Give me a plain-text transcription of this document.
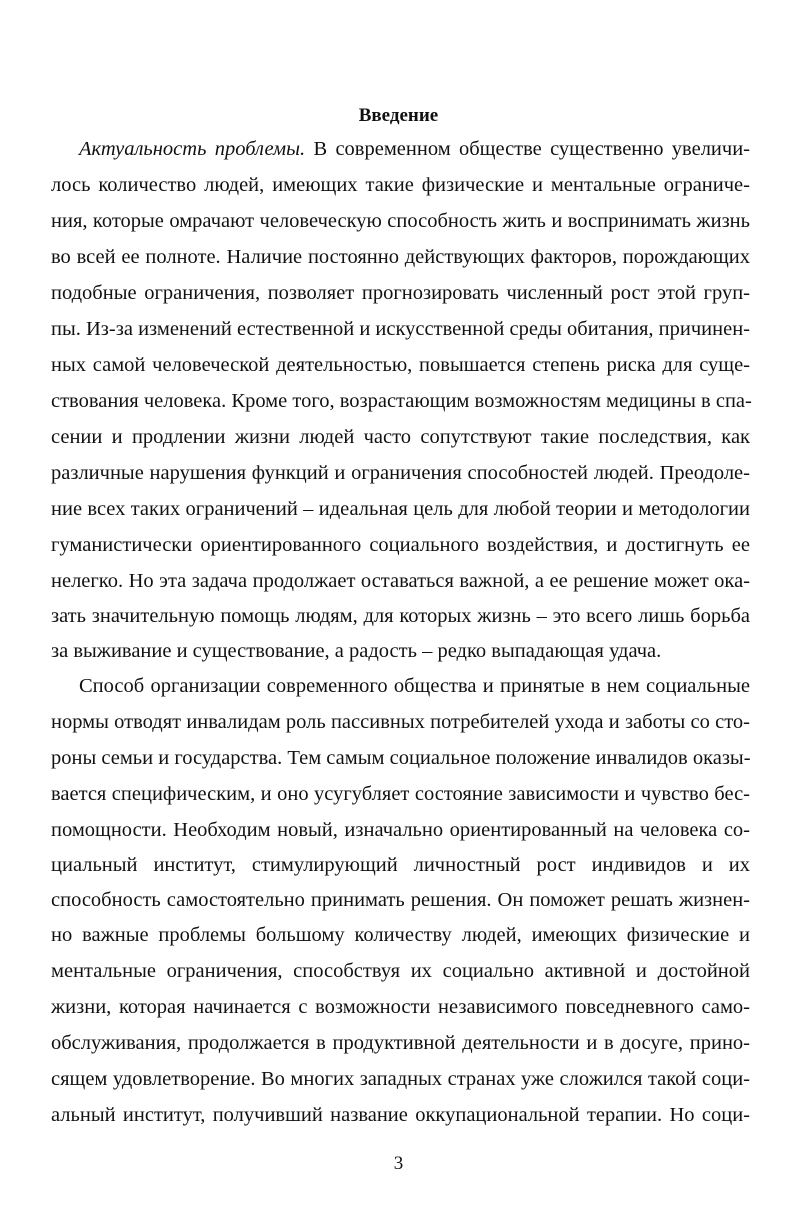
Введение

Актуальность проблемы. В современном обществе существенно увеличи-

лось количество людей, имеющих такие физические и ментальные ограниче-

ния, которые омрачают человеческую способность жить и воспринимать жизнь

во всей ее полноте. Наличие постоянно действующих факторов, порождающих

подобные ограничения, позволяет прогнозировать численный рост этой груп-

пы. Из-за изменений естественной и искусственной среды обитания, причинен-

ных самой человеческой деятельностью, повышается степень риска для суще-

ствования человека. Кроме того, возрастающим возможностям медицины в спа-

сении и продлении жизни людей часто сопутствуют такие последствия, как

различные нарушения функций и ограничения способностей людей. Преодоле-

ние всех таких ограничений – идеальная цель для любой теории и методологии

гуманистически ориентированного социального воздействия, и достигнуть ее

нелегко. Но эта задача продолжает оставаться важной, а ее решение может ока-

зать значительную помощь людям, для которых жизнь – это всего лишь борьба

за выживание и существование, а радость – редко выпадающая удача.

Способ организации современного общества и принятые в нем социальные

нормы отводят инвалидам роль пассивных потребителей ухода и заботы со сто-

роны семьи и государства. Тем самым социальное положение инвалидов оказы-

вается специфическим, и оно усугубляет состояние зависимости и чувство бес-

помощности. Необходим новый, изначально ориентированный на человека со-

циальный институт, стимулирующий личностный рост индивидов и их

способность самостоятельно принимать решения. Он поможет решать жизнен-

но важные проблемы большому количеству людей, имеющих физические и

ментальные ограничения, способствуя их социально активной и достойной

жизни, которая начинается с возможности независимого повседневного само-

обслуживания, продолжается в продуктивной деятельности и в досуге, прино-

сящем удовлетворение. Во многих западных странах уже сложился такой соци-

альный институт, получивший название оккупациональной терапии. Но соци-

3
